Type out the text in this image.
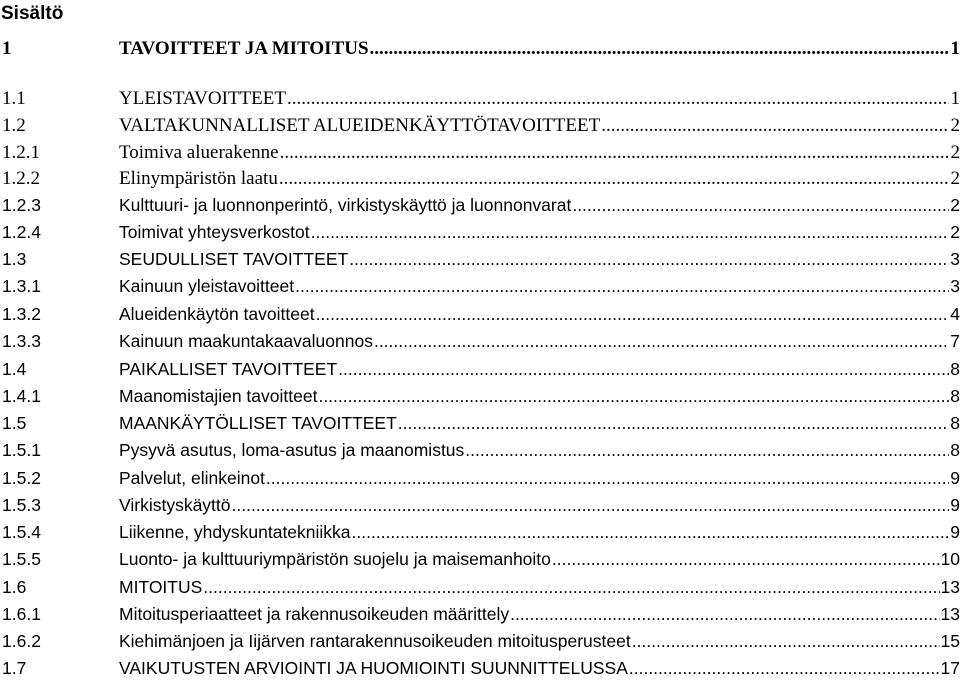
Sisältö
1	TAVOITTEET JA MITOITUS .....	1
1.1	YLEISTAVOITTEET .....	1
1.2	VALTAKUNNALLISET ALUEIDENKÄYTTÖTAVOITTEET .....	2
1.2.1	Toimiva aluerakenne .....	2
1.2.2	Elinympäristön laatu .....	2
1.2.3	Kulttuuri- ja luonnonperintö, virkistyskäyttö ja luonnonvarat .....	2
1.2.4	Toimivat yhteysverkostot .....	2
1.3	SEUDULLISET TAVOITTEET .....	3
1.3.1	Kainuun yleistavoitteet .....	3
1.3.2	Alueidenkäytön tavoitteet .....	4
1.3.3	Kainuun maakuntakaavaluonnos .....	7
1.4	PAIKALLISET TAVOITTEET .....	8
1.4.1	Maanomistajien tavoitteet .....	8
1.5	MAANKÄYTÖLLISET TAVOITTEET .....	8
1.5.1	Pysyvä asutus, loma-asutus ja maanomistus .....	8
1.5.2	Palvelut, elinkeinot .....	9
1.5.3	Virkistyskäyttö .....	9
1.5.4	Liikenne, yhdyskuntatekniikka .....	9
1.5.5	Luonto- ja kulttuuriympäristön suojelu ja maisemanhoito .....	10
1.6	MITOITUS .....	13
1.6.1	Mitoitusperiaatteet ja rakennusoikeuden määrittely .....	13
1.6.2	Kiehimänjoen ja Iijärven rantarakennusoikeuden mitoitusperusteet .....	15
1.7	VAIKUTUSTEN ARVIOINTI JA HUOMIOINTI SUUNNITTELUSSA .....	17
